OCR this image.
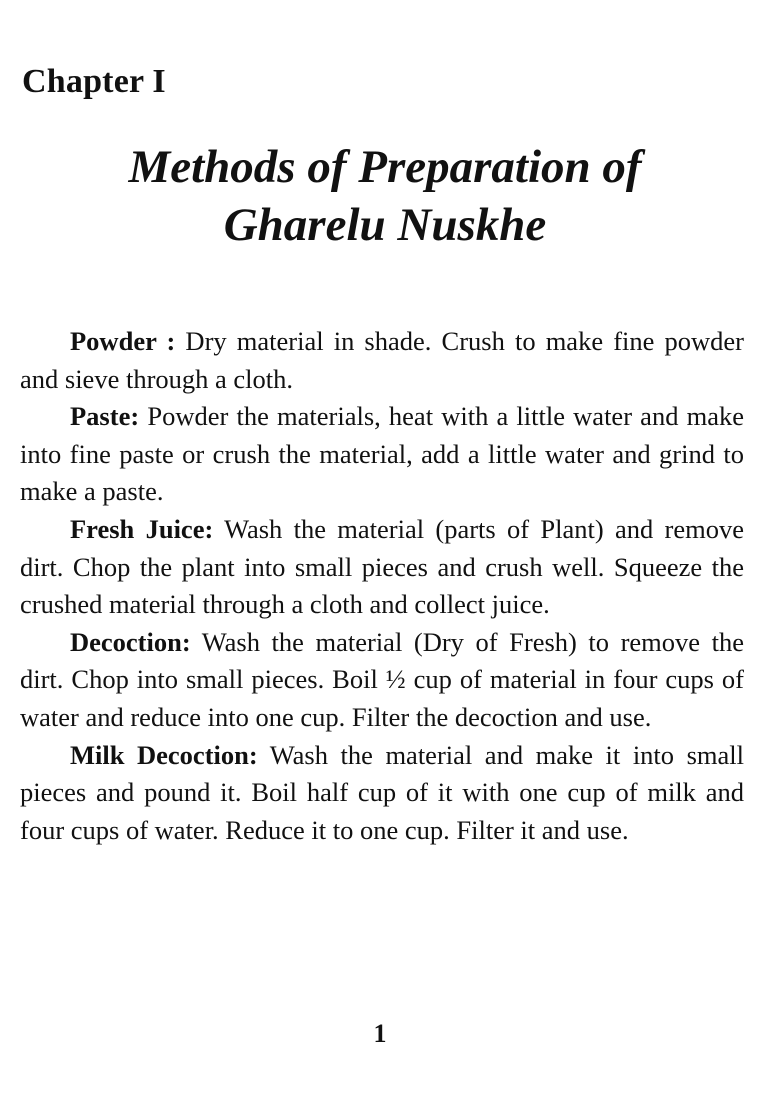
Chapter I
Methods of Preparation of
Gharelu Nuskhe

Powder : Dry material in shade. Crush to make fine powder and sieve through a cloth.

Paste: Powder the materials, heat with a little water and make into fine paste or crush the material, add a little water and grind to make a paste.

Fresh Juice: Wash the material (parts of Plant) and remove dirt. Chop the plant into small pieces and crush well. Squeeze the crushed material through a cloth and collect juice.

Decoction: Wash the material (Dry of Fresh) to remove the dirt. Chop into small pieces. Boil ½ cup of material in four cups of water and reduce into one cup. Filter the decoction and use.

Milk Decoction: Wash the material and make it into small pieces and pound it. Boil half cup of it with one cup of milk and four cups of water. Reduce it to one cup. Filter it and use.

1
